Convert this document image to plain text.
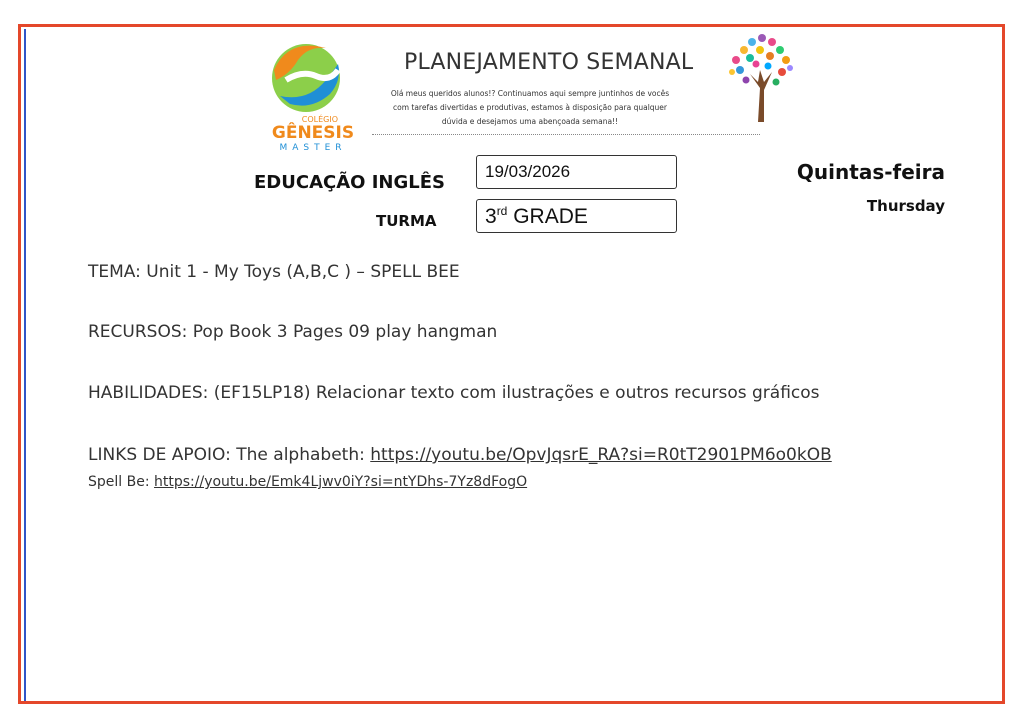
COLÉGIO
GÊNESIS
MASTER
PLANEJAMENTO SEMANAL
Olá meus queridos alunos!? Continuamos aqui sempre juntinhos de vocês
com tarefas divertidas e produtivas, estamos à disposição para qualquer
dúvida e desejamos uma abençoada semana!!
EDUCAÇÃO INGLÊS
TURMA
19/03/2026
3rd GRADE
Quintas-feira
Thursday
TEMA: Unit 1 - My Toys (A,B,C ) – SPELL BEE
RECURSOS: Pop Book 3 Pages 09 play hangman
HABILIDADES: (EF15LP18) Relacionar texto com ilustrações e outros recursos gráficos
LINKS DE APOIO: The alphabeth: https://youtu.be/OpvJqsrE_RA?si=R0tT2901PM6o0kOB
Spell Be: https://youtu.be/Emk4Ljwv0iY?si=ntYDhs-7Yz8dFogO
